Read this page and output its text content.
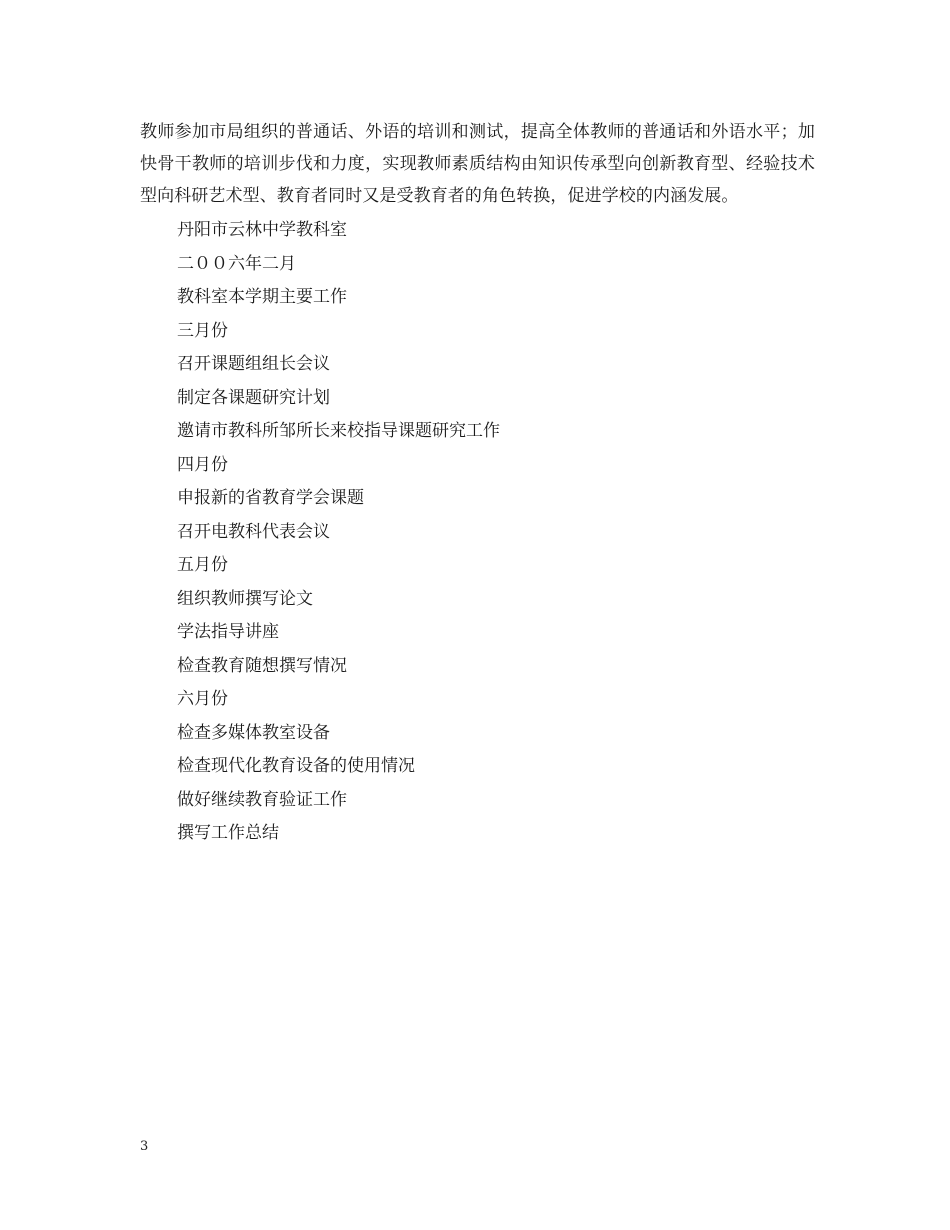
教师参加市局组织的普通话、外语的培训和测试，提高全体教师的普通话和外语水平；加快骨干教师的培训步伐和力度，实现教师素质结构由知识传承型向创新教育型、经验技术型向科研艺术型、教育者同时又是受教育者的角色转换，促进学校的内涵发展。

丹阳市云林中学教科室
二００六年二月
教科室本学期主要工作
三月份
召开课题组组长会议
制定各课题研究计划
邀请市教科所邹所长来校指导课题研究工作
四月份
申报新的省教育学会课题
召开电教科代表会议
五月份
组织教师撰写论文
学法指导讲座
检查教育随想撰写情况
六月份
检查多媒体教室设备
检查现代化教育设备的使用情况
做好继续教育验证工作
撰写工作总结
3
